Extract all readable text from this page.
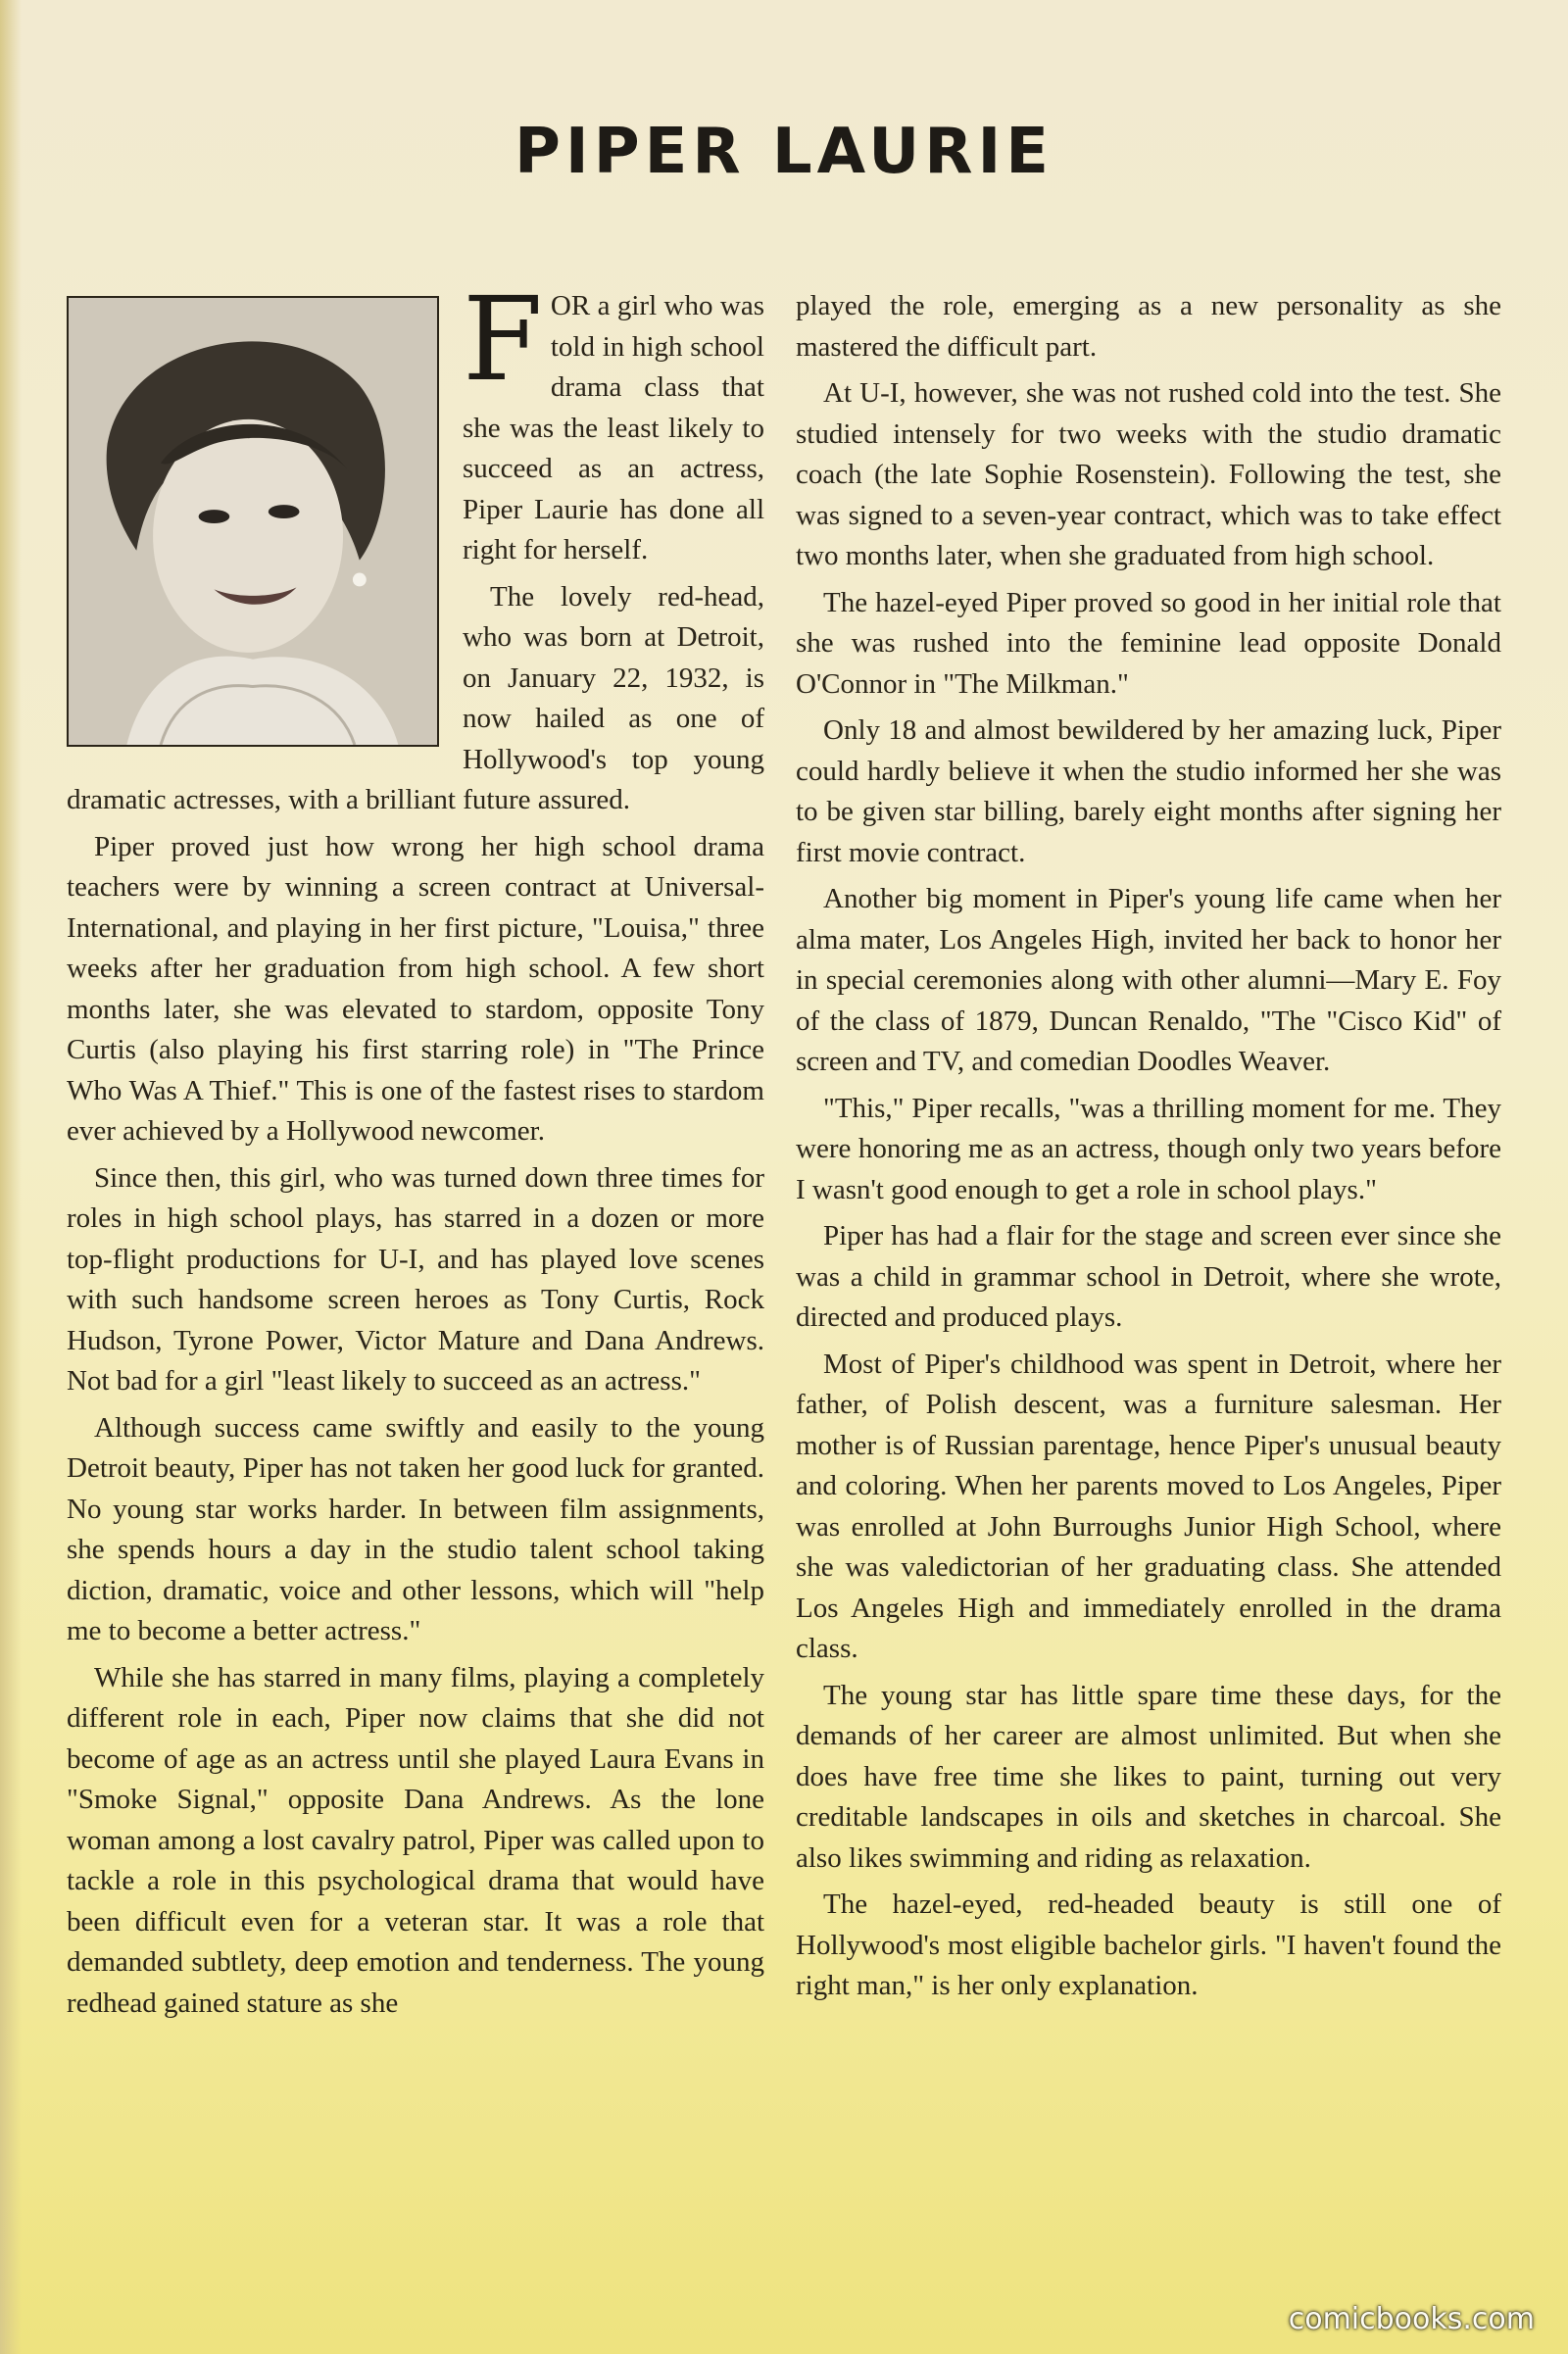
PIPER LAURIE

FOR a girl who was told in high school drama class that she was the least likely to succeed as an actress, Piper Laurie has done all right for herself.

The lovely red-head, who was born at Detroit, on January 22, 1932, is now hailed as one of Hollywood's top young dramatic actresses, with a brilliant future assured.

Piper proved just how wrong her high school drama teachers were by winning a screen contract at Universal-International, and playing in her first picture, "Louisa," three weeks after her graduation from high school. A few short months later, she was elevated to stardom, opposite Tony Curtis (also playing his first starring role) in "The Prince Who Was A Thief." This is one of the fastest rises to stardom ever achieved by a Hollywood newcomer.

Since then, this girl, who was turned down three times for roles in high school plays, has starred in a dozen or more top-flight productions for U-I, and has played love scenes with such handsome screen heroes as Tony Curtis, Rock Hudson, Tyrone Power, Victor Mature and Dana Andrews. Not bad for a girl "least likely to succeed as an actress."

Although success came swiftly and easily to the young Detroit beauty, Piper has not taken her good luck for granted. No young star works harder. In between film assignments, she spends hours a day in the studio talent school taking diction, dramatic, voice and other lessons, which will "help me to become a better actress."

While she has starred in many films, playing a completely different role in each, Piper now claims that she did not become of age as an actress until she played Laura Evans in "Smoke Signal," opposite Dana Andrews. As the lone woman among a lost cavalry patrol, Piper was called upon to tackle a role in this psychological drama that would have been difficult even for a veteran star. It was a role that demanded subtlety, deep emotion and tenderness. The young redhead gained stature as she

played the role, emerging as a new personality as she mastered the difficult part.

At U-I, however, she was not rushed cold into the test. She studied intensely for two weeks with the studio dramatic coach (the late Sophie Rosenstein). Following the test, she was signed to a seven-year contract, which was to take effect two months later, when she graduated from high school.

The hazel-eyed Piper proved so good in her initial role that she was rushed into the feminine lead opposite Donald O'Connor in "The Milkman."

Only 18 and almost bewildered by her amazing luck, Piper could hardly believe it when the studio informed her she was to be given star billing, barely eight months after signing her first movie contract.

Another big moment in Piper's young life came when her alma mater, Los Angeles High, invited her back to honor her in special ceremonies along with other alumni—Mary E. Foy of the class of 1879, Duncan Renaldo, "The "Cisco Kid" of screen and TV, and comedian Doodles Weaver.

"This," Piper recalls, "was a thrilling moment for me. They were honoring me as an actress, though only two years before I wasn't good enough to get a role in school plays."

Piper has had a flair for the stage and screen ever since she was a child in grammar school in Detroit, where she wrote, directed and produced plays.

Most of Piper's childhood was spent in Detroit, where her father, of Polish descent, was a furniture salesman. Her mother is of Russian parentage, hence Piper's unusual beauty and coloring. When her parents moved to Los Angeles, Piper was enrolled at John Burroughs Junior High School, where she was valedictorian of her graduating class. She attended Los Angeles High and immediately enrolled in the drama class.

The young star has little spare time these days, for the demands of her career are almost unlimited. But when she does have free time she likes to paint, turning out very creditable landscapes in oils and sketches in charcoal. She also likes swimming and riding as relaxation.

The hazel-eyed, red-headed beauty is still one of Hollywood's most eligible bachelor girls. "I haven't found the right man," is her only explanation.

comicbooks.com
